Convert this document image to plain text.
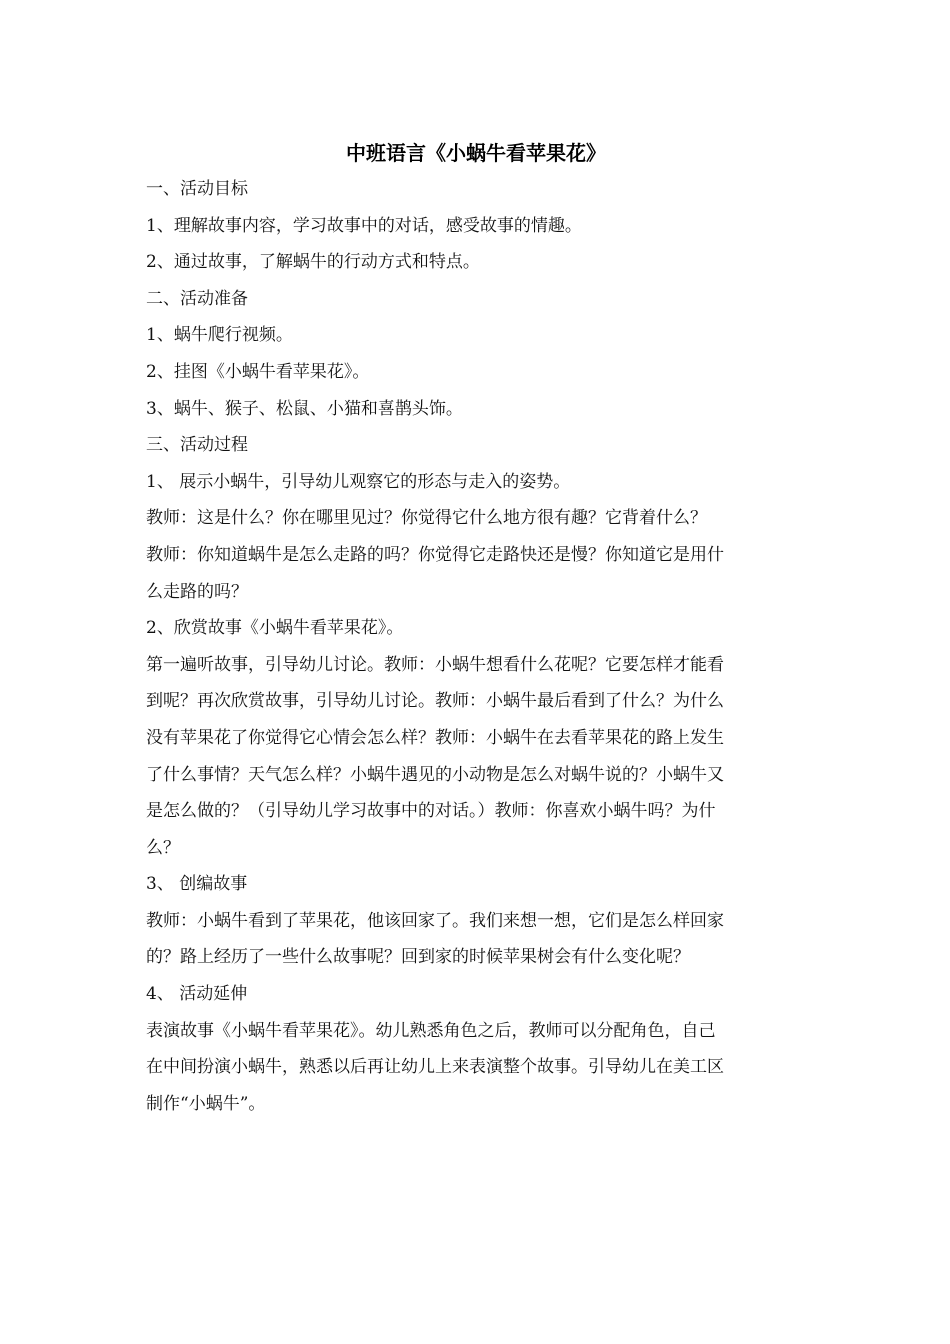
中班语言《小蜗牛看苹果花》

一、活动目标

1、理解故事内容，学习故事中的对话，感受故事的情趣。

2、通过故事，了解蜗牛的行动方式和特点。

二、活动准备

1、蜗牛爬行视频。

2、挂图《小蜗牛看苹果花》。

3、蜗牛、猴子、松鼠、小猫和喜鹊头饰。

三、活动过程

1、 展示小蜗牛，引导幼儿观察它的形态与走入的姿势。

教师：这是什么？你在哪里见过？你觉得它什么地方很有趣？它背着什么？

教师：你知道蜗牛是怎么走路的吗？你觉得它走路快还是慢？你知道它是用什

么走路的吗？

2、欣赏故事《小蜗牛看苹果花》。

第一遍听故事，引导幼儿讨论。教师：小蜗牛想看什么花呢？它要怎样才能看

到呢？再次欣赏故事，引导幼儿讨论。教师：小蜗牛最后看到了什么？为什么

没有苹果花了你觉得它心情会怎么样？教师：小蜗牛在去看苹果花的路上发生

了什么事情？天气怎么样？小蜗牛遇见的小动物是怎么对蜗牛说的？小蜗牛又

是怎么做的？（引导幼儿学习故事中的对话。）教师：你喜欢小蜗牛吗？为什

么？

3、 创编故事

教师：小蜗牛看到了苹果花，他该回家了。我们来想一想，它们是怎么样回家

的？路上经历了一些什么故事呢？回到家的时候苹果树会有什么变化呢？

4、 活动延伸

表演故事《小蜗牛看苹果花》。幼儿熟悉角色之后，教师可以分配角色，自己

在中间扮演小蜗牛，熟悉以后再让幼儿上来表演整个故事。引导幼儿在美工区

制作“小蜗牛”。
